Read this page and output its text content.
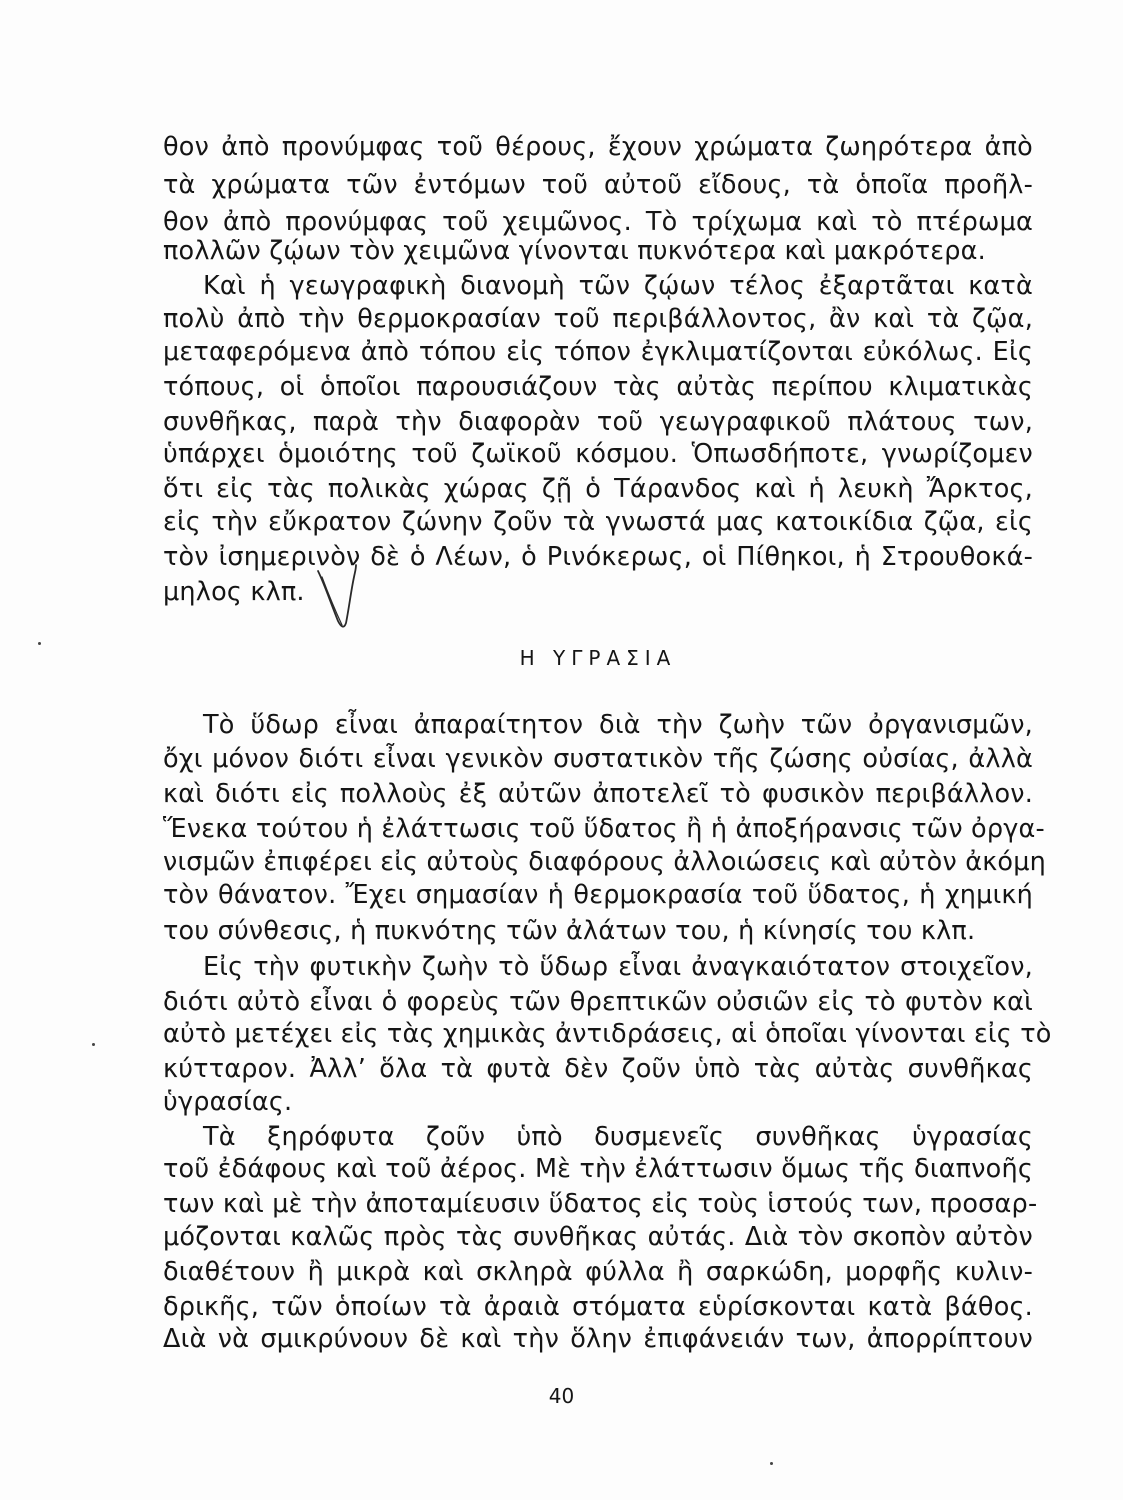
θον ἀπὸ προνύμφας τοῦ θέρους, ἔχουν χρώματα ζωηρότερα ἀπὸ
τὰ χρώματα τῶν ἐντόμων τοῦ αὐτοῦ εἴδους, τὰ ὁποῖα προῆλ-
θον ἀπὸ προνύμφας τοῦ χειμῶνος. Τὸ τρίχωμα καὶ τὸ πτέρωμα
πολλῶν ζῴων τὸν χειμῶνα γίνονται πυκνότερα καὶ μακρότερα.
Καὶ ἡ γεωγραφικὴ διανομὴ τῶν ζῴων τέλος ἐξαρτᾶται κατὰ
πολὺ ἀπὸ τὴν θερμοκρασίαν τοῦ περιβάλλοντος, ἂν καὶ τὰ ζῷα,
μεταφερόμενα ἀπὸ τόπου εἰς τόπον ἐγκλιματίζονται εὐκόλως. Εἰς
τόπους, οἱ ὁποῖοι παρουσιάζουν τὰς αὐτὰς περίπου κλιματικὰς
συνθῆκας, παρὰ τὴν διαφορὰν τοῦ γεωγραφικοῦ πλάτους των,
ὑπάρχει ὁμοιότης τοῦ ζωϊκοῦ κόσμου. Ὁπωσδήποτε, γνωρίζομεν
ὅτι εἰς τὰς πολικὰς χώρας ζῇ ὁ Τάρανδος καὶ ἡ λευκὴ Ἄρκτος,
εἰς τὴν εὔκρατον ζώνην ζοῦν τὰ γνωστά μας κατοικίδια ζῷα, εἰς
τὸν ἰσημερινὸν δὲ ὁ Λέων, ὁ Ρινόκερως, οἱ Πίθηκοι, ἡ Στρουθοκά-
μηλος κλπ.
Η ΥΓΡΑΣΙΑ
Τὸ ὕδωρ εἶναι ἀπαραίτητον διὰ τὴν ζωὴν τῶν ὀργανισμῶν,
ὄχι μόνον διότι εἶναι γενικὸν συστατικὸν τῆς ζώσης οὐσίας, ἀλλὰ
καὶ διότι εἰς πολλοὺς ἐξ αὐτῶν ἀποτελεῖ τὸ φυσικὸν περιβάλλον.
Ἕνεκα τούτου ἡ ἐλάττωσις τοῦ ὕδατος ἢ ἡ ἀποξήρανσις τῶν ὀργα-
νισμῶν ἐπιφέρει εἰς αὐτοὺς διαφόρους ἀλλοιώσεις καὶ αὐτὸν ἀκόμη
τὸν θάνατον. Ἔχει σημασίαν ἡ θερμοκρασία τοῦ ὕδατος, ἡ χημική
του σύνθεσις, ἡ πυκνότης τῶν ἀλάτων του, ἡ κίνησίς του κλπ.
Εἰς τὴν φυτικὴν ζωὴν τὸ ὕδωρ εἶναι ἀναγκαιότατον στοιχεῖον,
διότι αὐτὸ εἶναι ὁ φορεὺς τῶν θρεπτικῶν οὐσιῶν εἰς τὸ φυτὸν καὶ
αὐτὸ μετέχει εἰς τὰς χημικὰς ἀντιδράσεις, αἱ ὁποῖαι γίνονται εἰς τὸ
κύτταρον. Ἀλλ’ ὅλα τὰ φυτὰ δὲν ζοῦν ὑπὸ τὰς αὐτὰς συνθῆκας
ὑγρασίας.
Τὰ ξηρόφυτα ζοῦν ὑπὸ δυσμενεῖς συνθῆκας ὑγρασίας
τοῦ ἐδάφους καὶ τοῦ ἀέρος. Μὲ τὴν ἐλάττωσιν ὅμως τῆς διαπνοῆς
των καὶ μὲ τὴν ἀποταμίευσιν ὕδατος εἰς τοὺς ἱστούς των, προσαρ-
μόζονται καλῶς πρὸς τὰς συνθῆκας αὐτάς. Διὰ τὸν σκοπὸν αὐτὸν
διαθέτουν ἢ μικρὰ καὶ σκληρὰ φύλλα ἢ σαρκώδη, μορφῆς κυλιν-
δρικῆς, τῶν ὁποίων τὰ ἀραιὰ στόματα εὑρίσκονται κατὰ βάθος.
Διὰ νὰ σμικρύνουν δὲ καὶ τὴν ὅλην ἐπιφάνειάν των, ἀπορρίπτουν
40
